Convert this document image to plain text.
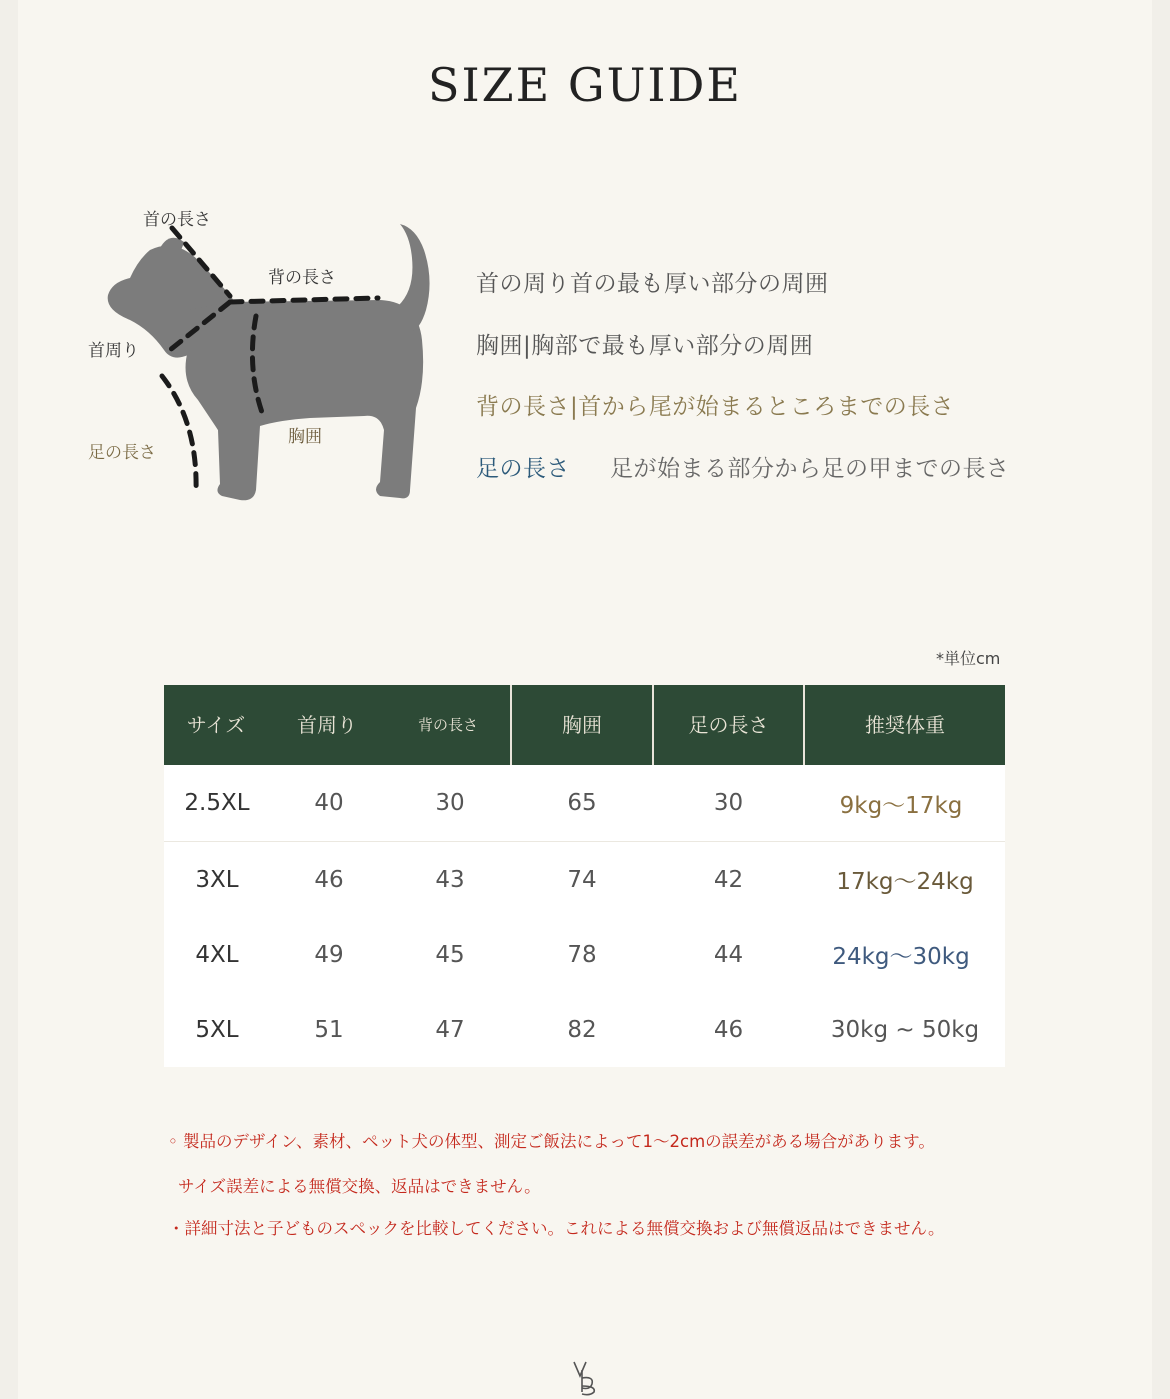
SIZE GUIDE
首の長さ
背の長さ
首周り
胸囲
足の長さ
首の周り首の最も厚い部分の周囲
胸囲|胸部で最も厚い部分の周囲
背の長さ|首から尾が始まるところまでの長さ
足の長さ 足が始まる部分から足の甲までの長さ
*単位cm
サイズ	首周り	背の長さ	胸囲	足の長さ	推奨体重
2.5XL	40	30	65	30	9kg～17kg
3XL	46	43	74	42	17kg～24kg
4XL	49	45	78	44	24kg～30kg
5XL	51	47	82	46	30kg ~ 50kg
◦ 製品のデザイン、素材、ペット犬の体型、測定ご飯法によって1～2cmの誤差がある場合があります。
サイズ誤差による無償交換、返品はできません。
・詳細寸法と子どものスペックを比較してください。これによる無償交換および無償返品はできません。
